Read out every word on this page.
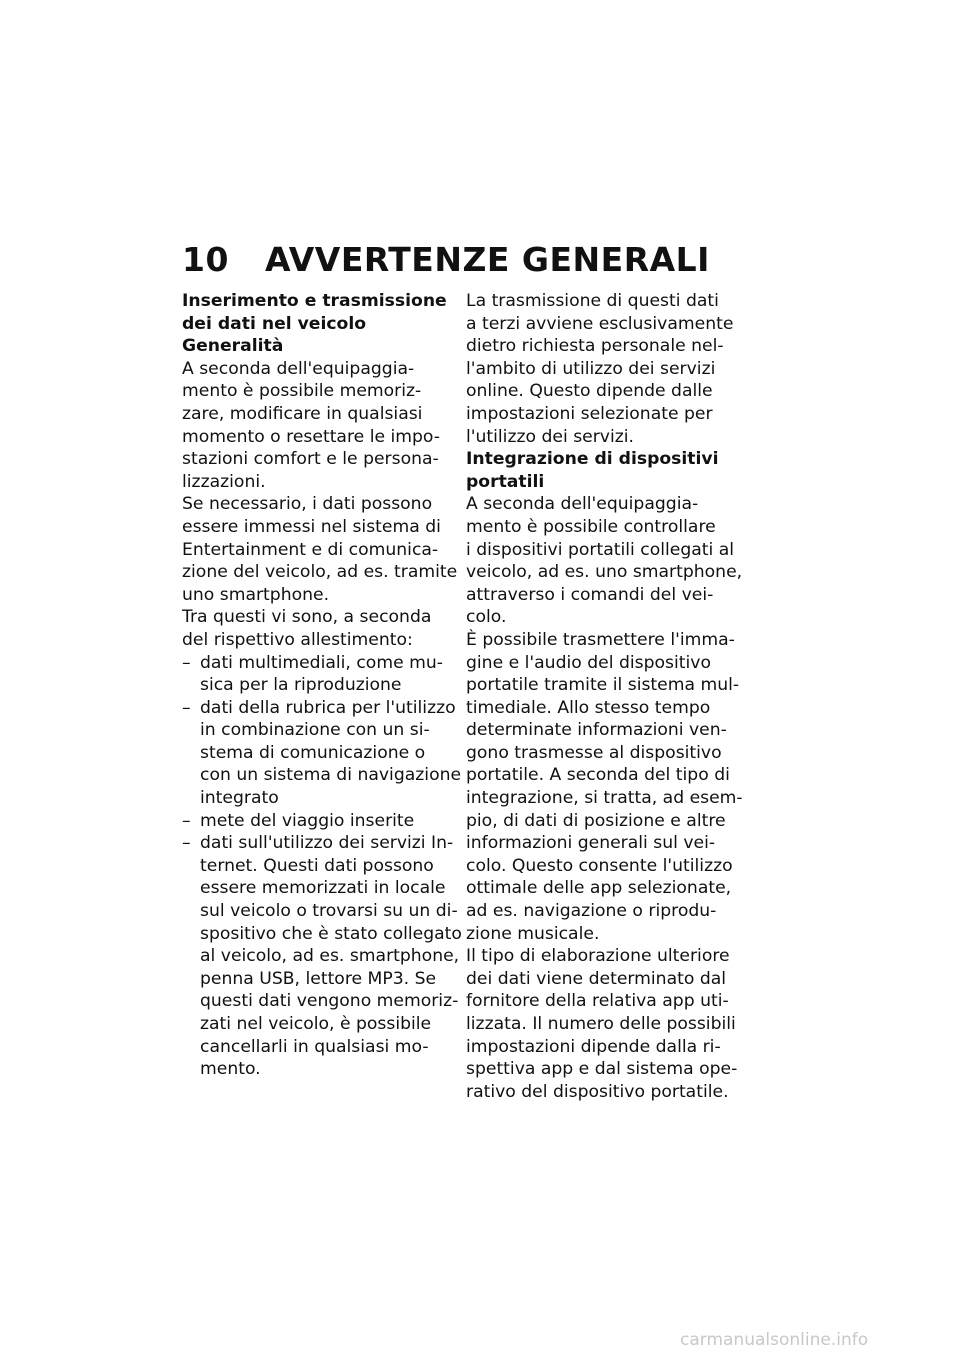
10 AVVERTENZE GENERALI

Inserimento e trasmissione
dei dati nel veicolo

Generalità

A seconda dell'equipaggia-
mento è possibile memoriz-
zare, modificare in qualsiasi
momento o resettare le impo-
stazioni comfort e le persona-
lizzazioni.

Se necessario, i dati possono
essere immessi nel sistema di
Entertainment e di comunica-
zione del veicolo, ad es. tramite
uno smartphone.

Tra questi vi sono, a seconda
del rispettivo allestimento:

– dati multimediali, come mu-
sica per la riproduzione
– dati della rubrica per l'utilizzo
in combinazione con un si-
stema di comunicazione o
con un sistema di navigazione
integrato
– mete del viaggio inserite
– dati sull'utilizzo dei servizi In-
ternet. Questi dati possono
essere memorizzati in locale
sul veicolo o trovarsi su un di-
spositivo che è stato collegato
al veicolo, ad es. smartphone,
penna USB, lettore MP3. Se
questi dati vengono memoriz-
zati nel veicolo, è possibile
cancellarli in qualsiasi mo-
mento.

La trasmissione di questi dati
a terzi avviene esclusivamente
dietro richiesta personale nel-
l'ambito di utilizzo dei servizi
online. Questo dipende dalle
impostazioni selezionate per
l'utilizzo dei servizi.

Integrazione di dispositivi
portatili

A seconda dell'equipaggia-
mento è possibile controllare
i dispositivi portatili collegati al
veicolo, ad es. uno smartphone,
attraverso i comandi del vei-
colo.

È possibile trasmettere l'imma-
gine e l'audio del dispositivo
portatile tramite il sistema mul-
timediale. Allo stesso tempo
determinate informazioni ven-
gono trasmesse al dispositivo
portatile. A seconda del tipo di
integrazione, si tratta, ad esem-
pio, di dati di posizione e altre
informazioni generali sul vei-
colo. Questo consente l'utilizzo
ottimale delle app selezionate,
ad es. navigazione o riprodu-
zione musicale.

Il tipo di elaborazione ulteriore
dei dati viene determinato dal
fornitore della relativa app uti-
lizzata. Il numero delle possibili
impostazioni dipende dalla ri-
spettiva app e dal sistema ope-
rativo del dispositivo portatile.

carmanualsonline.info
